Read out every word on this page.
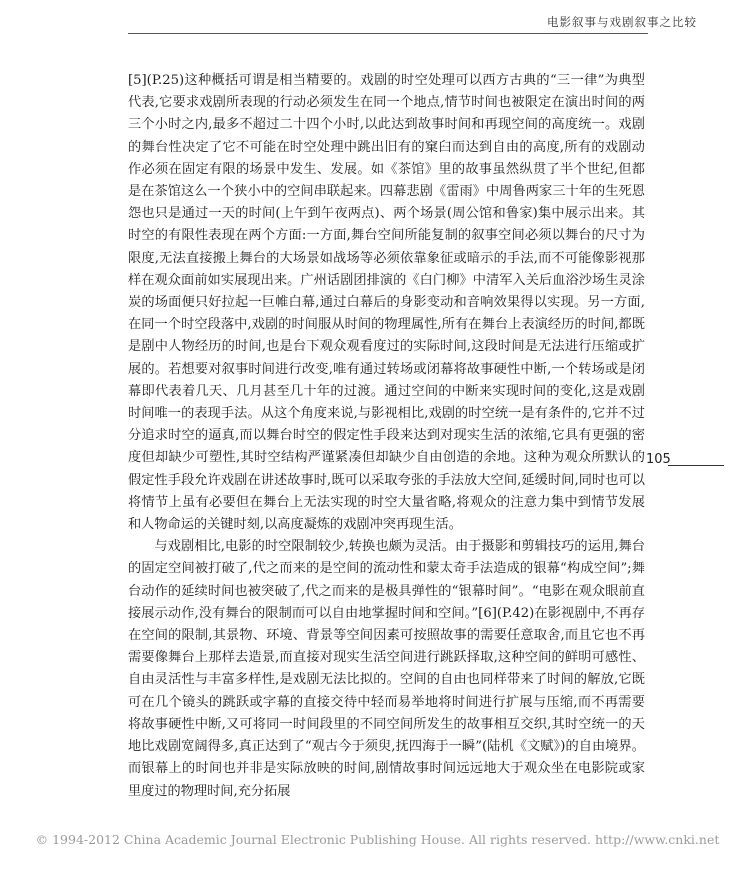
电影叙事与戏剧叙事之比较

[5](P.25)这种概括可谓是相当精要的。戏剧的时空处理可以西方古典的“三一律”为典型代表,它要求戏剧所表现的行动必须发生在同一个地点,情节时间也被限定在演出时间的两三个小时之内,最多不超过二十四个小时,以此达到故事时间和再现空间的高度统一。戏剧的舞台性决定了它不可能在时空处理中跳出旧有的窠臼而达到自由的高度,所有的戏剧动作必须在固定有限的场景中发生、发展。如《茶馆》里的故事虽然纵贯了半个世纪,但都是在茶馆这么一个狭小中的空间串联起来。四幕悲剧《雷雨》中周鲁两家三十年的生死恩怨也只是通过一天的时间(上午到午夜两点)、两个场景(周公馆和鲁家)集中展示出来。其时空的有限性表现在两个方面:一方面,舞台空间所能复制的叙事空间必须以舞台的尺寸为限度,无法直接搬上舞台的大场景如战场等必须依靠象征或暗示的手法,而不可能像影视那样在观众面前如实展现出来。广州话剧团排演的《白门柳》中清军入关后血浴沙场生灵涂炭的场面便只好拉起一巨帷白幕,通过白幕后的身影变动和音响效果得以实现。另一方面,在同一个时空段落中,戏剧的时间服从时间的物理属性,所有在舞台上表演经历的时间,都既是剧中人物经历的时间,也是台下观众观看度过的实际时间,这段时间是无法进行压缩或扩展的。若想要对叙事时间进行改变,唯有通过转场或闭幕将故事硬性中断,一个转场或是闭幕即代表着几天、几月甚至几十年的过渡。通过空间的中断来实现时间的变化,这是戏剧时间唯一的表现手法。从这个角度来说,与影视相比,戏剧的时空统一是有条件的,它并不过分追求时空的逼真,而以舞台时空的假定性手段来达到对现实生活的浓缩,它具有更强的密度但却缺少可塑性,其时空结构严谨紧凑但却缺少自由创造的余地。这种为观众所默认的假定性手段允许戏剧在讲述故事时,既可以采取夸张的手法放大空间,延缓时间,同时也可以将情节上虽有必要但在舞台上无法实现的时空大量省略,将观众的注意力集中到情节发展和人物命运的关键时刻,以高度凝炼的戏剧冲突再现生活。

与戏剧相比,电影的时空限制较少,转换也颇为灵活。由于摄影和剪辑技巧的运用,舞台的固定空间被打破了,代之而来的是空间的流动性和蒙太奇手法造成的银幕“构成空间”;舞台动作的延续时间也被突破了,代之而来的是极具弹性的“银幕时间”。“电影在观众眼前直接展示动作,没有舞台的限制而可以自由地掌握时间和空间。”[6](P.42)在影视剧中,不再存在空间的限制,其景物、环境、背景等空间因素可按照故事的需要任意取舍,而且它也不再需要像舞台上那样去造景,而直接对现实生活空间进行跳跃择取,这种空间的鲜明可感性、自由灵活性与丰富多样性,是戏剧无法比拟的。空间的自由也同样带来了时间的解放,它既可在几个镜头的跳跃或字幕的直接交待中轻而易举地将时间进行扩展与压缩,而不再需要将故事硬性中断,又可将同一时间段里的不同空间所发生的故事相互交织,其时空统一的天地比戏剧宽阔得多,真正达到了“观古今于须臾,抚四海于一瞬”(陆机《文赋》)的自由境界。而银幕上的时间也并非是实际放映的时间,剧情故事时间远远地大于观众坐在电影院或家里度过的物理时间,充分拓展

105
© 1994-2012 China Academic Journal Electronic Publishing House. All rights reserved. http://www.cnki.net
